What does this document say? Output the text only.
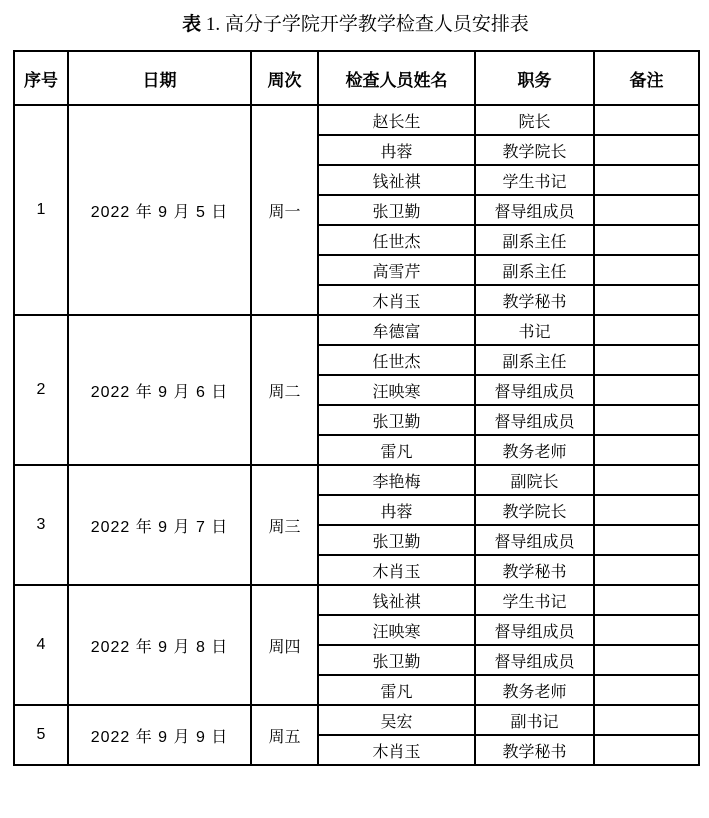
表 1. 高分子学院开学教学检查人员安排表
序号	日期	周次	检查人员姓名	职务	备注
1	2022 年 9 月 5 日	周一	赵长生	院长	
			冉蓉	教学院长	
			钱祉祺	学生书记	
			张卫勤	督导组成员	
			任世杰	副系主任	
			高雪芹	副系主任	
			木肖玉	教学秘书	
2	2022 年 9 月 6 日	周二	牟德富	书记	
			任世杰	副系主任	
			汪映寒	督导组成员	
			张卫勤	督导组成员	
			雷凡	教务老师	
3	2022 年 9 月 7 日	周三	李艳梅	副院长	
			冉蓉	教学院长	
			张卫勤	督导组成员	
			木肖玉	教学秘书	
4	2022 年 9 月 8 日	周四	钱祉祺	学生书记	
			汪映寒	督导组成员	
			张卫勤	督导组成员	
			雷凡	教务老师	
5	2022 年 9 月 9 日	周五	吴宏	副书记	
			木肖玉	教学秘书	
